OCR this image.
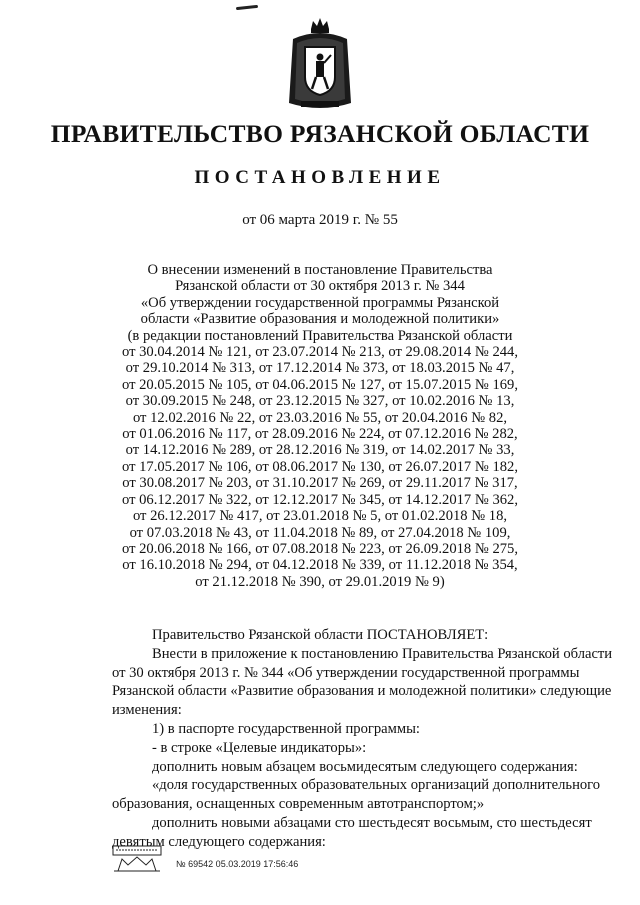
ПРАВИТЕЛЬСТВО РЯЗАНСКОЙ ОБЛАСТИ
ПОСТАНОВЛЕНИЕ
от 06 марта 2019 г. № 55
О внесении изменений в постановление Правительства
Рязанской области от 30 октября 2013 г. № 344
«Об утверждении государственной программы Рязанской
области «Развитие образования и молодежной политики»
(в редакции постановлений Правительства Рязанской области
от 30.04.2014 № 121, от 23.07.2014 № 213, от 29.08.2014 № 244,
от 29.10.2014 № 313, от 17.12.2014 № 373, от 18.03.2015 № 47,
от 20.05.2015 № 105, от 04.06.2015 № 127, от 15.07.2015 № 169,
от 30.09.2015 № 248, от 23.12.2015 № 327, от 10.02.2016 № 13,
от 12.02.2016 № 22, от 23.03.2016 № 55, от 20.04.2016 № 82,
от 01.06.2016 № 117, от 28.09.2016 № 224, от 07.12.2016 № 282,
от 14.12.2016 № 289, от 28.12.2016 № 319, от 14.02.2017 № 33,
от 17.05.2017 № 106, от 08.06.2017 № 130, от 26.07.2017 № 182,
от 30.08.2017 № 203, от 31.10.2017 № 269, от 29.11.2017 № 317,
от 06.12.2017 № 322, от 12.12.2017 № 345, от 14.12.2017 № 362,
от 26.12.2017 № 417, от 23.01.2018 № 5, от 01.02.2018 № 18,
от 07.03.2018 № 43, от 11.04.2018 № 89, от 27.04.2018 № 109,
от 20.06.2018 № 166, от 07.08.2018 № 223, от 26.09.2018 № 275,
от 16.10.2018 № 294, от 04.12.2018 № 339, от 11.12.2018 № 354,
от 21.12.2018 № 390, от 29.01.2019 № 9)
Правительство Рязанской области ПОСТАНОВЛЯЕТ:
Внести в приложение к постановлению Правительства Рязанской области
от 30 октября 2013 г. № 344 «Об утверждении государственной программы
Рязанской области «Развитие образования и молодежной политики» следующие
изменения:
1) в паспорте государственной программы:
- в строке «Целевые индикаторы»:
дополнить новым абзацем восьмидесятым следующего содержания:
«доля государственных образовательных организаций дополнительного
образования, оснащенных современным автотранспортом;»
дополнить новыми абзацами сто шестьдесят восьмым, сто шестьдесят
девятым следующего содержания:
№ 69542 05.03.2019 17:56:46
